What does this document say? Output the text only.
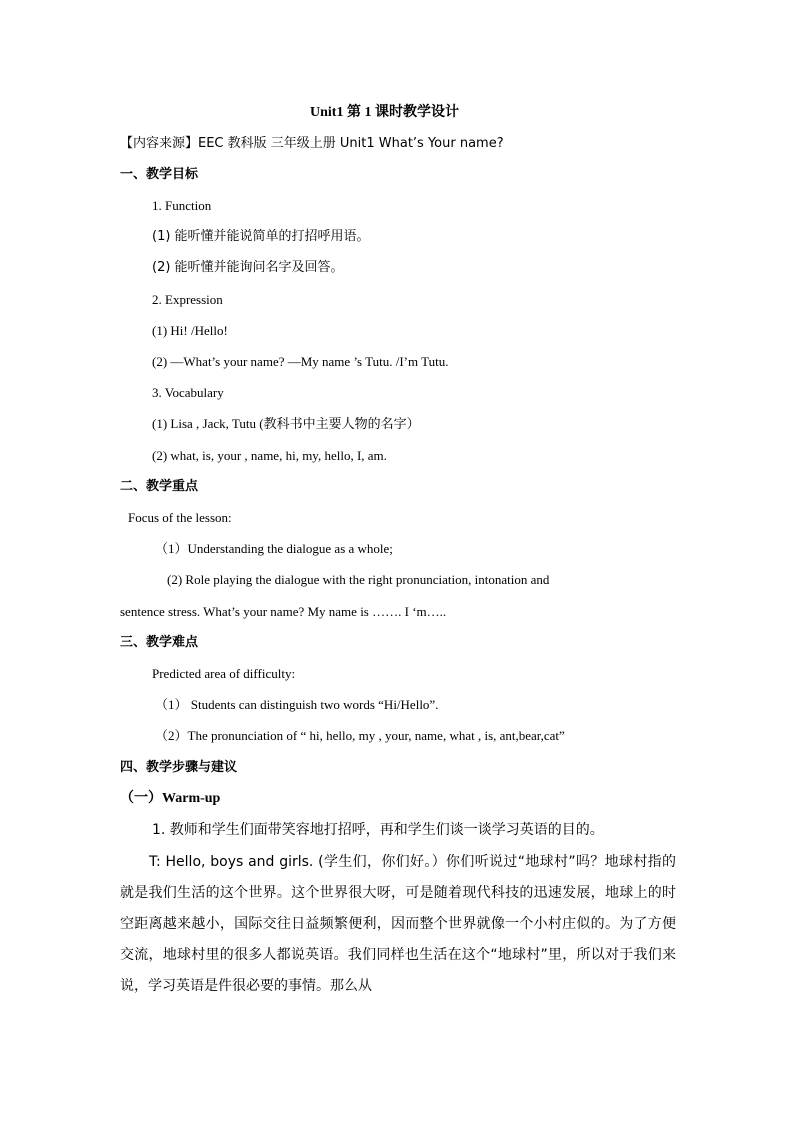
Unit1 第 1 课时教学设计
【内容来源】EEC 教科版 三年级上册 Unit1 What’s Your name?
一、教学目标
1. Function
(1) 能听懂并能说简单的打招呼用语。
(2) 能听懂并能询问名字及回答。
2. Expression
(1) Hi! /Hello!
(2) —What’s your name? —My name ’s Tutu. /I’m Tutu.
3. Vocabulary
(1) Lisa , Jack, Tutu (教科书中主要人物的名字）
(2) what, is, your , name, hi, my, hello, I, am.
二、教学重点
Focus of the lesson:
（1）Understanding the dialogue as a whole;
(2) Role playing the dialogue with the right pronunciation, intonation and
sentence stress. What’s your name? My name is ……. I ‘m…..
三、教学难点
Predicted area of difficulty:
（1） Students can distinguish two words “Hi/Hello”.
（2）The pronunciation of “ hi, hello, my , your, name, what , is, ant,bear,cat”
四、教学步骤与建议
（一）Warm-up
1. 教师和学生们面带笑容地打招呼，再和学生们谈一谈学习英语的目的。
T: Hello, boys and girls. (学生们，你们好。）你们听说过“地球村”吗？地球村指的就是我们生活的这个世界。这个世界很大呀，可是随着现代科技的迅速发展，地球上的时空距离越来越小，国际交往日益频繁便利，因而整个世界就像一个小村庄似的。为了方便交流，地球村里的很多人都说英语。我们同样也生活在这个“地球村”里，所以对于我们来说，学习英语是件很必要的事情。那么从
